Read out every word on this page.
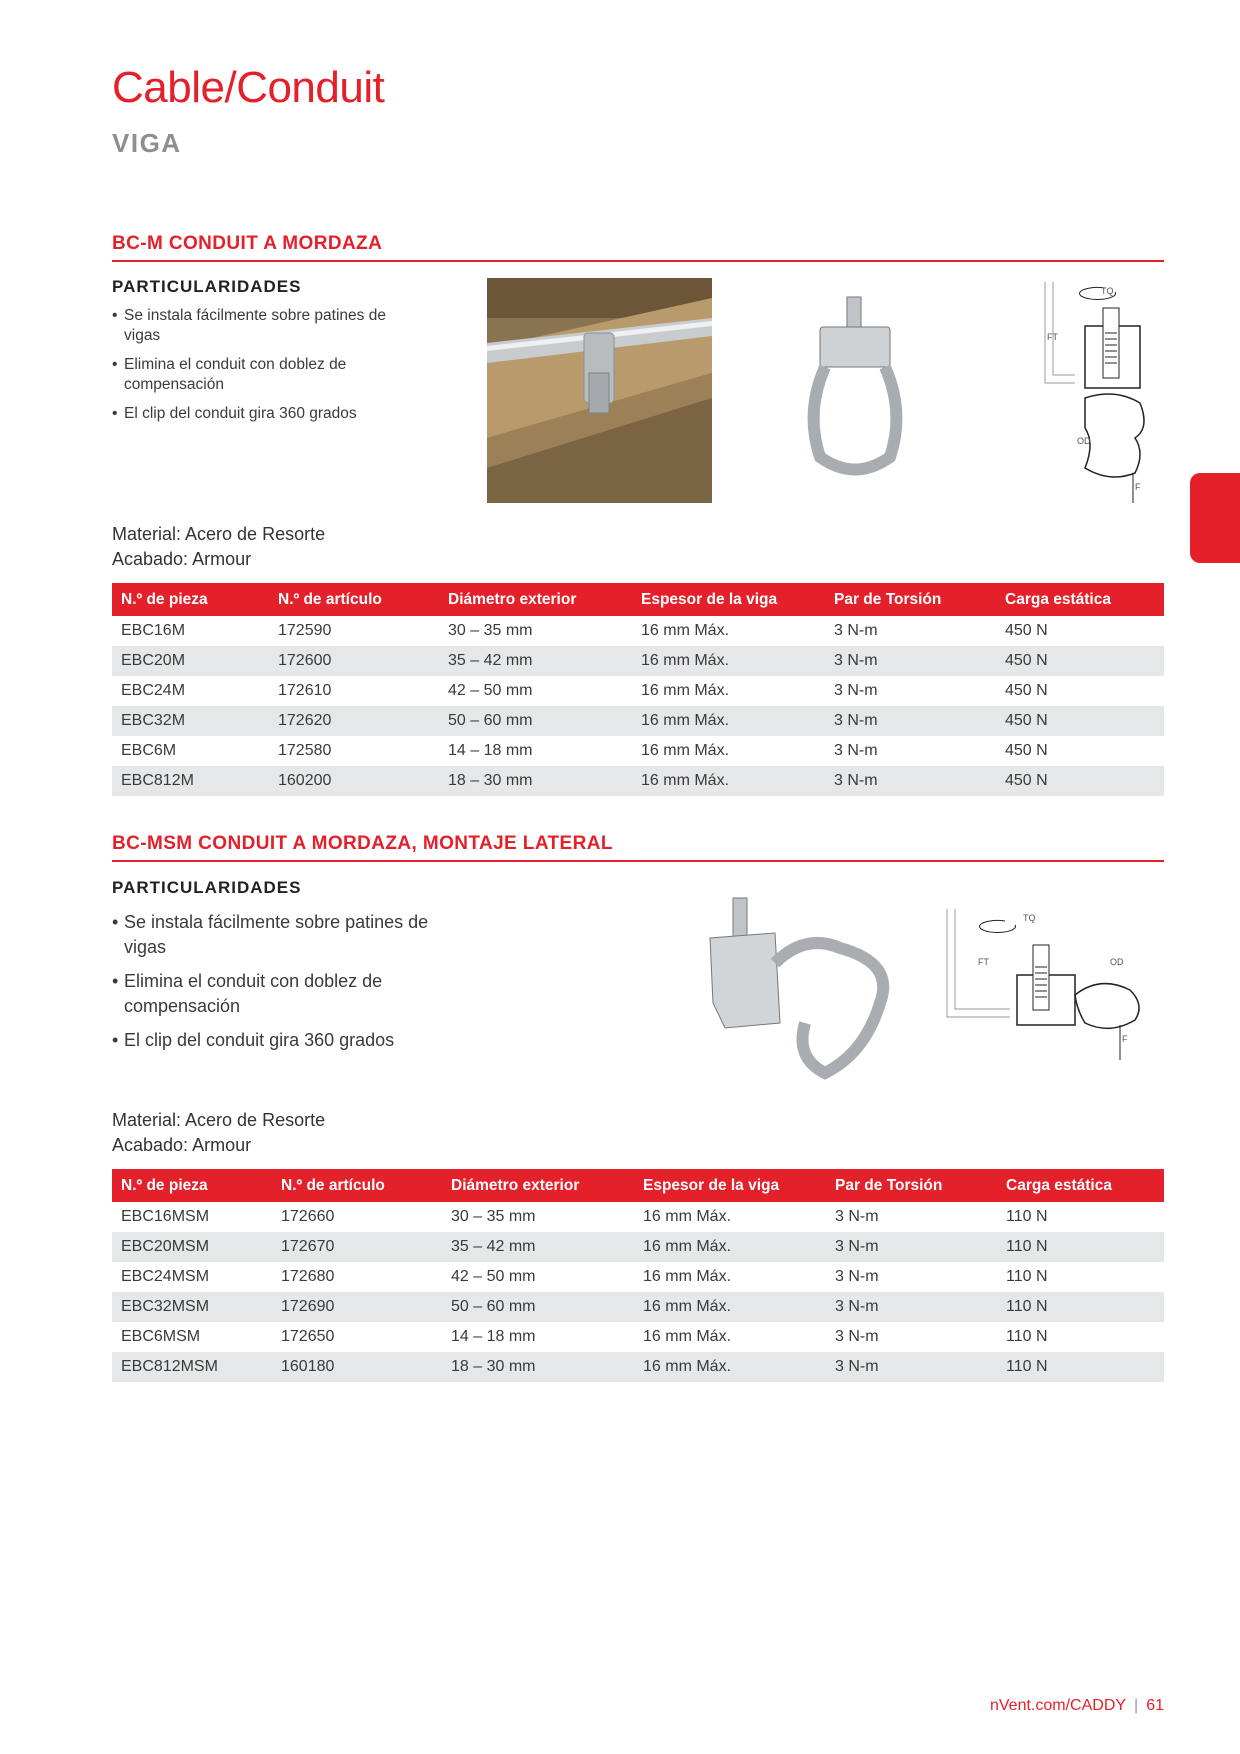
Cable/Conduit
VIGA
BC-M CONDUIT A MORDAZA
PARTICULARIDADES
• Se instala fácilmente sobre patines de vigas
• Elimina el conduit con doblez de compensación
• El clip del conduit gira 360 grados
TQ
FT
OD
F
Material: Acero de Resorte
Acabado: Armour
N.º de pieza	N.º de artículo	Diámetro exterior	Espesor de la viga	Par de Torsión	Carga estática
EBC16M	172590	30 – 35 mm	16 mm Máx.	3 N-m	450 N
EBC20M	172600	35 – 42 mm	16 mm Máx.	3 N-m	450 N
EBC24M	172610	42 – 50 mm	16 mm Máx.	3 N-m	450 N
EBC32M	172620	50 – 60 mm	16 mm Máx.	3 N-m	450 N
EBC6M	172580	14 – 18 mm	16 mm Máx.	3 N-m	450 N
EBC812M	160200	18 – 30 mm	16 mm Máx.	3 N-m	450 N
BC-MSM CONDUIT A MORDAZA, MONTAJE LATERAL
PARTICULARIDADES
• Se instala fácilmente sobre patines de vigas
• Elimina el conduit con doblez de compensación
• El clip del conduit gira 360 grados
TQ
FT	OD
F
Material: Acero de Resorte
Acabado: Armour
N.º de pieza	N.º de artículo	Diámetro exterior	Espesor de la viga	Par de Torsión	Carga estática
EBC16MSM	172660	30 – 35 mm	16 mm Máx.	3 N-m	110 N
EBC20MSM	172670	35 – 42 mm	16 mm Máx.	3 N-m	110 N
EBC24MSM	172680	42 – 50 mm	16 mm Máx.	3 N-m	110 N
EBC32MSM	172690	50 – 60 mm	16 mm Máx.	3 N-m	110 N
EBC6MSM	172650	14 – 18 mm	16 mm Máx.	3 N-m	110 N
EBC812MSM	160180	18 – 30 mm	16 mm Máx.	3 N-m	110 N
nVent.com/CADDY | 61
